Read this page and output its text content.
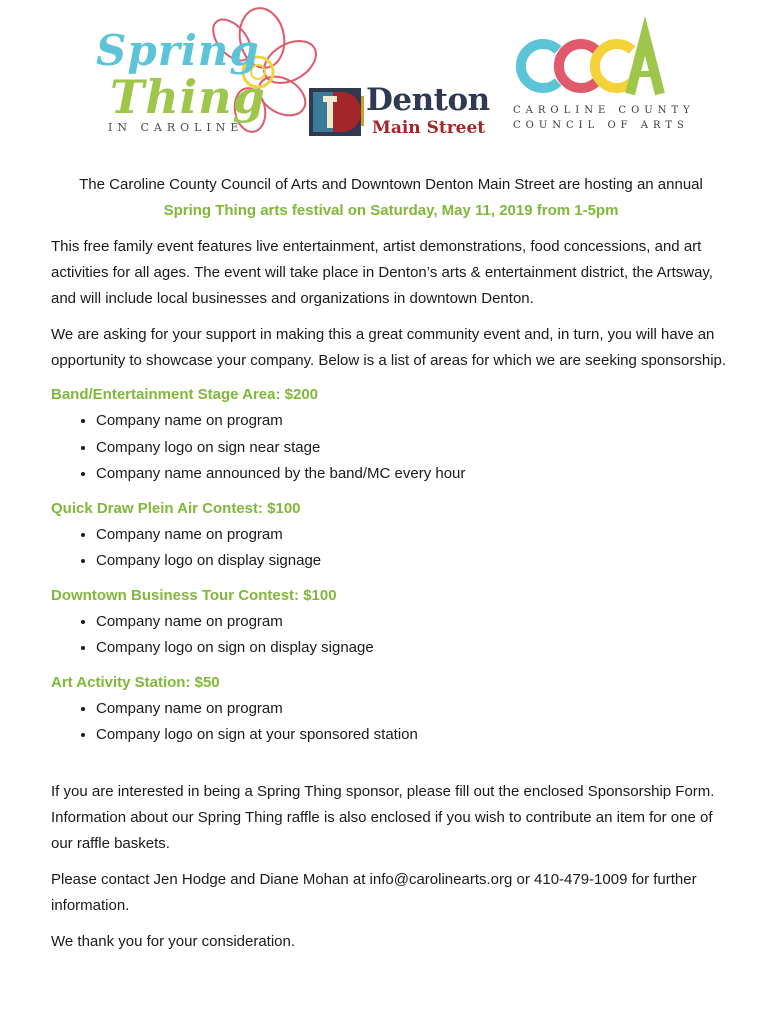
Spring
Thing
IN CAROLINE
Denton
Main Street
CAROLINE COUNTY
COUNCIL OF ARTS

The Caroline County Council of Arts and Downtown Denton Main Street are hosting an annual
Spring Thing arts festival on Saturday, May 11, 2019 from 1-5pm

This free family event features live entertainment, artist demonstrations, food concessions, and art activities for all ages. The event will take place in Denton’s arts & entertainment district, the Artsway, and will include local businesses and organizations in downtown Denton.

We are asking for your support in making this a great community event and, in turn, you will have an opportunity to showcase your company. Below is a list of areas for which we are seeking sponsorship.

Band/Entertainment Stage Area: $200
• Company name on program
• Company logo on sign near stage
• Company name announced by the band/MC every hour
Quick Draw Plein Air Contest: $100
• Company name on program
• Company logo on display signage
Downtown Business Tour Contest: $100
• Company name on program
• Company logo on sign on display signage
Art Activity Station: $50
• Company name on program
• Company logo on sign at your sponsored station

If you are interested in being a Spring Thing sponsor, please fill out the enclosed Sponsorship Form. Information about our Spring Thing raffle is also enclosed if you wish to contribute an item for one of our raffle baskets.

Please contact Jen Hodge and Diane Mohan at info@carolinearts.org or 410-479-1009 for further information.

We thank you for your consideration.
